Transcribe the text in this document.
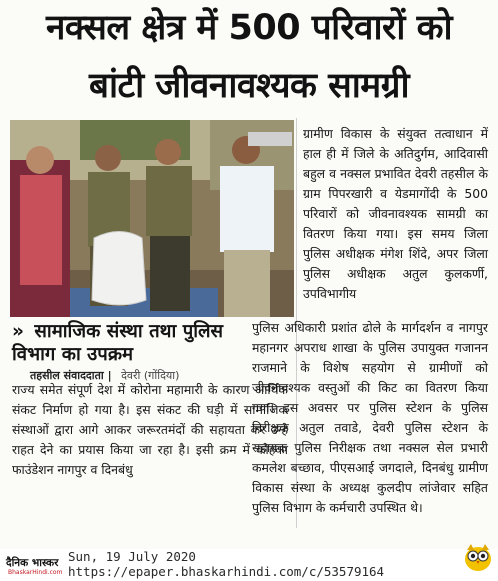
नक्सल क्षेत्र में 500 परिवारों को
बांटी जीवनावश्यक सामग्री

ग्रामीण विकास के संयुक्त तत्वाधान में हाल ही में जिले के अतिदुर्गम, आदिवासी बहुल व नक्सल प्रभावित देवरी तहसील के ग्राम पिपरखारी व येडमागोंदी के 500 परिवारों को जीवनावश्यक सामग्री का वितरण किया गया। इस समय जिला पुलिस अधीक्षक मंगेश शिंदे, अपर जिला पुलिस अधीक्षक अतुल कुलकर्णी, उपविभागीय

» सामाजिक संस्था तथा पुलिस विभाग का उपक्रम
तहसील संवाददाता | देवरी (गोंदिया)

पुलिस अधिकारी प्रशांत ढोले के मार्गदर्शन व नागपुर महानगर अपराध शाखा के पुलिस उपायुक्त गजानन राजमाने के विशेष सहयोग से ग्रामीणों को जीवनावश्यक वस्तुओं की किट का वितरण किया गया। इस अवसर पर पुलिस स्टेशन के पुलिस निरीक्षक अतुल तवाडे, देवरी पुलिस स्टेशन के सहायक पुलिस निरीक्षक तथा नक्सल सेल प्रभारी कमलेश बच्छाव, पीएसआई जगदाले, दिनबंधु ग्रामीण विकास संस्था के अध्यक्ष कुलदीप लांजेवार सहित पुलिस विभाग के कर्मचारी उपस्थित थे।

राज्य समेत संपूर्ण देश में कोरोना महामारी के कारण आर्थिक संकट निर्माण हो गया है। इस संकट की घड़ी में सामाजिक संस्थाओं द्वारा आगे आकर जरूरतमंदों की सहायता कर उन्हे राहत देने का प्रयास किया जा रहा है। इसी क्रम में कोहका फाउंडेशन नागपुर व दिनबंधु

दैनिक भास्कर
BhaskarHindi.com
Sun, 19 July 2020
https://epaper.bhaskarhindi.com/c/53579164
